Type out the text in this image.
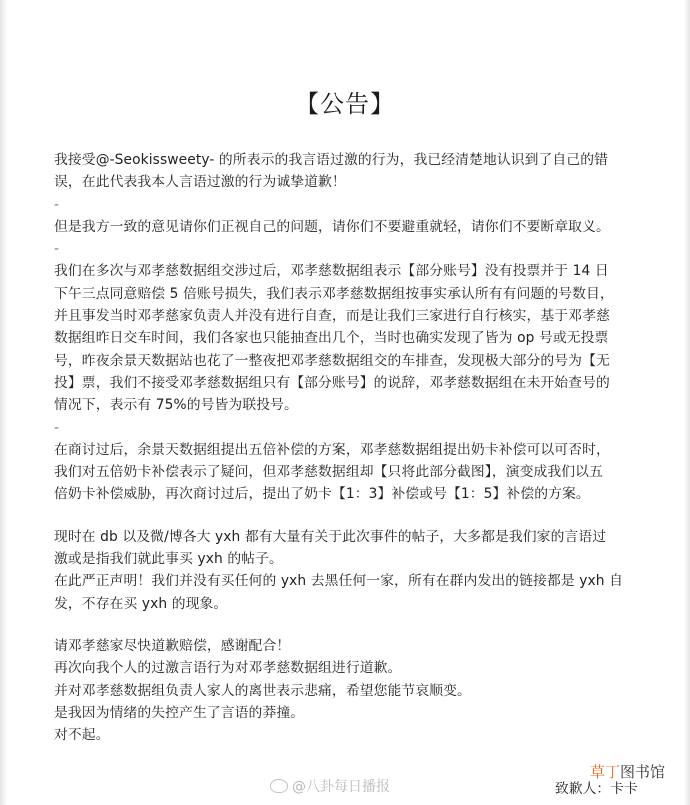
【公告】
我接受@-Seokissweety- 的所表示的我言语过激的行为，我已经清楚地认识到了自己的错
误，在此代表我本人言语过激的行为诚挚道歉！
-
但是我方一致的意见请你们正视自己的问题，请你们不要避重就轻，请你们不要断章取义。
-
我们在多次与邓孝慈数据组交涉过后，邓孝慈数据组表示【部分账号】没有投票并于 14 日
下午三点同意赔偿 5 倍账号损失，我们表示邓孝慈数据组按事实承认所有有问题的号数目，
并且事发当时邓孝慈家负责人并没有进行自查，而是让我们三家进行自行核实，基于邓孝慈
数据组昨日交车时间，我们各家也只能抽查出几个，当时也确实发现了皆为 op 号或无投票
号，昨夜余景天数据站也花了一整夜把邓孝慈数据组交的车排查，发现极大部分的号为【无
投】票，我们不接受邓孝慈数据组只有【部分账号】的说辞，邓孝慈数据组在未开始查号的
情况下，表示有 75%的号皆为联投号。
-
在商讨过后，余景天数据组提出五倍补偿的方案，邓孝慈数据组提出奶卡补偿可以可否时，
我们对五倍奶卡补偿表示了疑问，但邓孝慈数据组却【只将此部分截图】，演变成我们以五
倍奶卡补偿威胁，再次商讨过后，提出了奶卡【1：3】补偿或号【1：5】补偿的方案。
现时在 db 以及微/博各大 yxh 都有大量有关于此次事件的帖子，大多都是我们家的言语过
激或是指我们就此事买 yxh 的帖子。
在此严正声明！我们并没有买任何的 yxh 去黑任何一家，所有在群内发出的链接都是 yxh 自
发，不存在买 yxh 的现象。
请邓孝慈家尽快道歉赔偿，感谢配合！
再次向我个人的过激言语行为对邓孝慈数据组进行道歉。
并对邓孝慈数据组负责人家人的离世表示悲痛，希望您能节哀顺变。
是我因为情绪的失控产生了言语的莽撞。
对不起。
@八卦每日播报
草丁图书馆
致歉人：卡卡
